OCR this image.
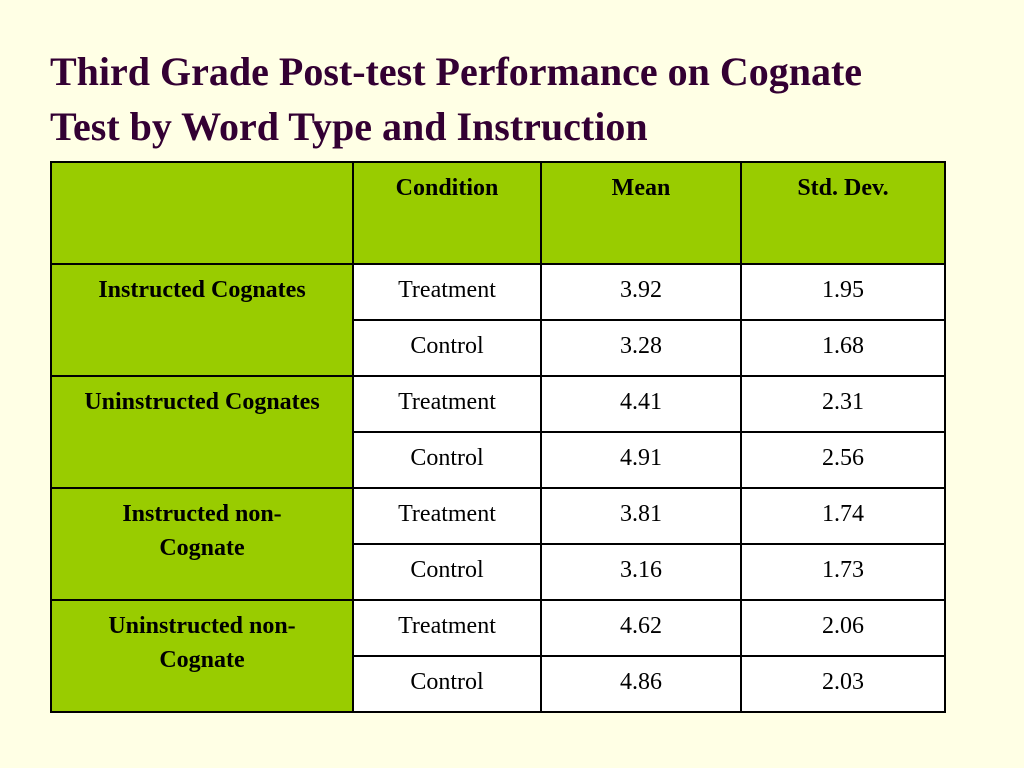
Third Grade Post-test Performance on Cognate
Test by Word Type and Instruction
	Condition	Mean	Std. Dev.

Instructed Cognates	Treatment	3.92	1.95
	Control	3.28	1.68

Uninstructed Cognates	Treatment	4.41	2.31
	Control	4.91	2.56

Instructed non-
Cognate	Treatment	3.81	1.74
	Control	3.16	1.73

Uninstructed non-
Cognate	Treatment	4.62	2.06
	Control	4.86	2.03
